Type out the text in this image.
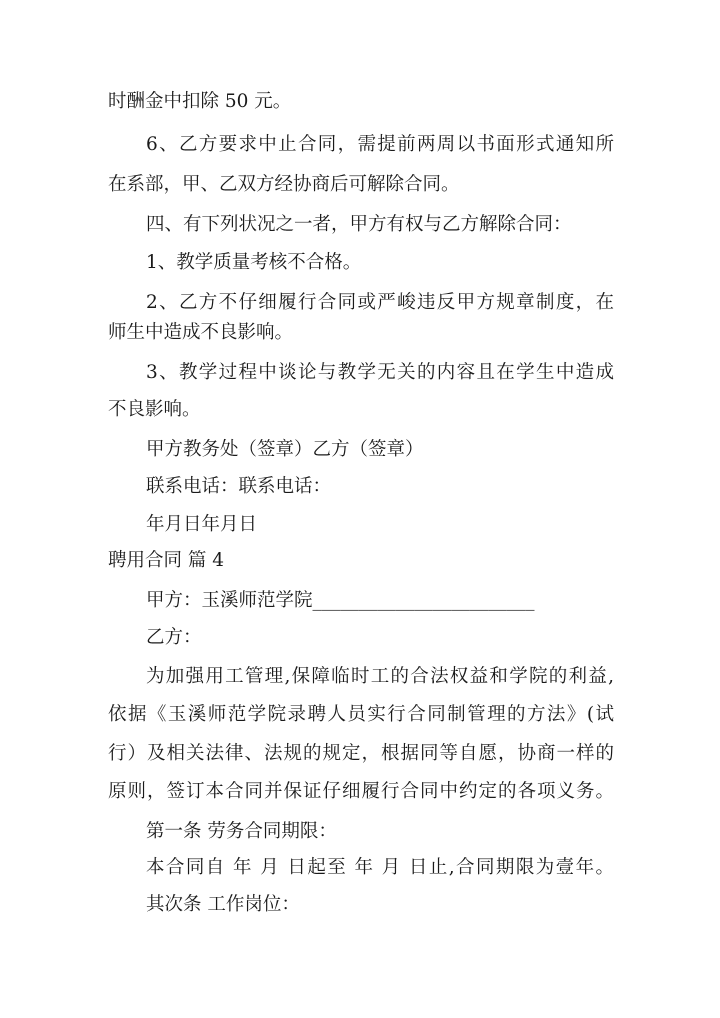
时酬金中扣除 50 元。
6、乙方要求中止合同，需提前两周以书面形式通知所
在系部，甲、乙双方经协商后可解除合同。
四、有下列状况之一者，甲方有权与乙方解除合同：
1、教学质量考核不合格。
2、乙方不仔细履行合同或严峻违反甲方规章制度，在
师生中造成不良影响。
3、教学过程中谈论与教学无关的内容且在学生中造成
不良影响。
甲方教务处（签章）乙方（签章）
联系电话：联系电话：
年月日年月日
聘用合同 篇 4
甲方：玉溪师范学院________________________
乙方：
为加强用工管理,保障临时工的合法权益和学院的利益,
依据《玉溪师范学院录聘人员实行合同制管理的方法》(试
行）及相关法律、法规的规定，根据同等自愿，协商一样的
原则，签订本合同并保证仔细履行合同中约定的各项义务。
第一条 劳务合同期限：
本合同自 年 月 日起至 年 月 日止,合同期限为壹年。
其次条 工作岗位：
